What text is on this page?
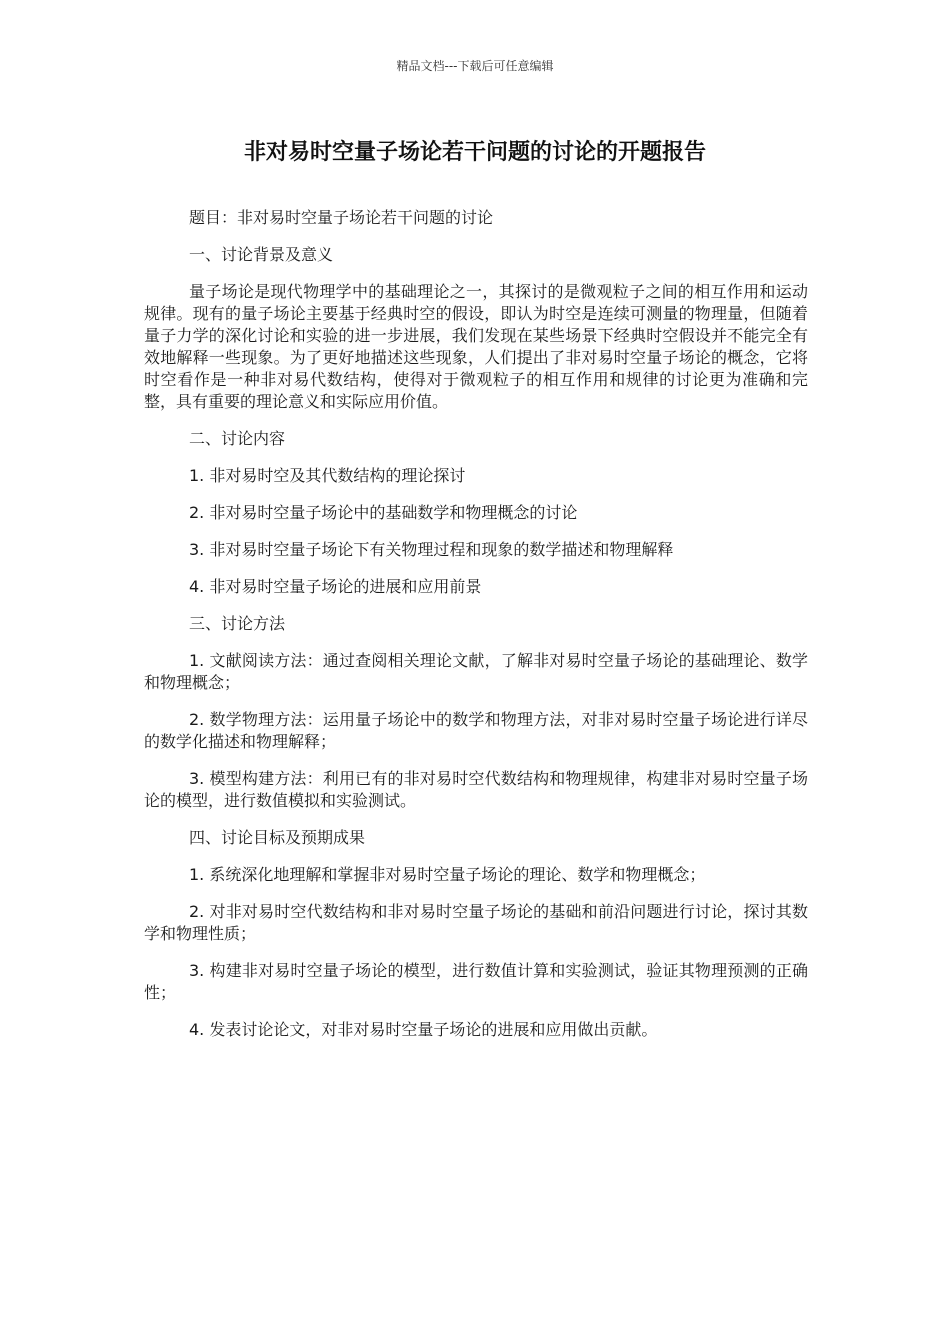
精品文档---下载后可任意编辑
非对易时空量子场论若干问题的讨论的开题报告

题目：非对易时空量子场论若干问题的讨论

一、讨论背景及意义

量子场论是现代物理学中的基础理论之一，其探讨的是微观粒子之间的相互作用和运动规律。现有的量子场论主要基于经典时空的假设，即认为时空是连续可测量的物理量，但随着量子力学的深化讨论和实验的进一步进展，我们发现在某些场景下经典时空假设并不能完全有效地解释一些现象。为了更好地描述这些现象，人们提出了非对易时空量子场论的概念，它将时空看作是一种非对易代数结构，使得对于微观粒子的相互作用和规律的讨论更为准确和完整，具有重要的理论意义和实际应用价值。

二、讨论内容

1. 非对易时空及其代数结构的理论探讨

2. 非对易时空量子场论中的基础数学和物理概念的讨论

3. 非对易时空量子场论下有关物理过程和现象的数学描述和物理解释

4. 非对易时空量子场论的进展和应用前景

三、讨论方法

1. 文献阅读方法：通过查阅相关理论文献，了解非对易时空量子场论的基础理论、数学和物理概念；

2. 数学物理方法：运用量子场论中的数学和物理方法，对非对易时空量子场论进行详尽的数学化描述和物理解释；

3. 模型构建方法：利用已有的非对易时空代数结构和物理规律，构建非对易时空量子场论的模型，进行数值模拟和实验测试。

四、讨论目标及预期成果

1. 系统深化地理解和掌握非对易时空量子场论的理论、数学和物理概念；

2. 对非对易时空代数结构和非对易时空量子场论的基础和前沿问题进行讨论，探讨其数学和物理性质；

3. 构建非对易时空量子场论的模型，进行数值计算和实验测试，验证其物理预测的正确性；

4. 发表讨论论文，对非对易时空量子场论的进展和应用做出贡献。
